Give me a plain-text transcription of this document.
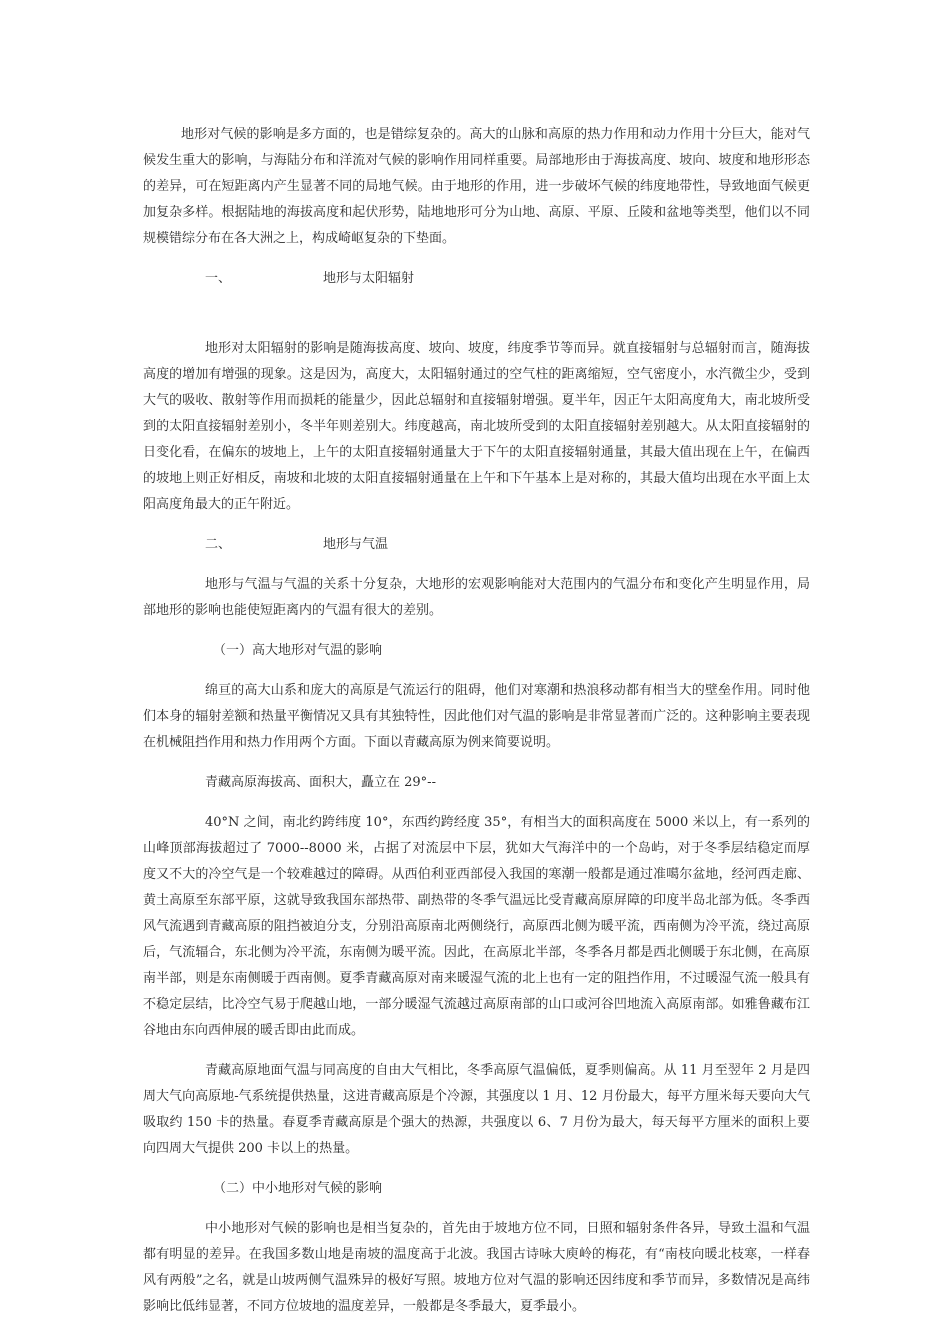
地形对气候的影响是多方面的，也是错综复杂的。高大的山脉和高原的热力作用和动力作用十分巨大，能对气候发生重大的影响，与海陆分布和洋流对气候的影响作用同样重要。局部地形由于海拔高度、坡向、坡度和地形形态的差异，可在短距离内产生显著不同的局地气候。由于地形的作用，进一步破坏气候的纬度地带性，导致地面气候更加复杂多样。根据陆地的海拔高度和起伏形势，陆地地形可分为山地、高原、平原、丘陵和盆地等类型，他们以不同规模错综分布在各大洲之上，构成崎岖复杂的下垫面。

一、	地形与太阳辐射

地形对太阳辐射的影响是随海拔高度、坡向、坡度，纬度季节等而异。就直接辐射与总辐射而言，随海拔高度的增加有增强的现象。这是因为，高度大，太阳辐射通过的空气柱的距离缩短，空气密度小，水汽微尘少，受到大气的吸收、散射等作用而损耗的能量少，因此总辐射和直接辐射增强。夏半年，因正午太阳高度角大，南北坡所受到的太阳直接辐射差别小，冬半年则差别大。纬度越高，南北坡所受到的太阳直接辐射差别越大。从太阳直接辐射的日变化看，在偏东的坡地上，上午的太阳直接辐射通量大于下午的太阳直接辐射通量，其最大值出现在上午，在偏西的坡地上则正好相反，南坡和北坡的太阳直接辐射通量在上午和下午基本上是对称的，其最大值均出现在水平面上太阳高度角最大的正午附近。

二、	地形与气温

地形与气温与气温的关系十分复杂，大地形的宏观影响能对大范围内的气温分布和变化产生明显作用，局部地形的影响也能使短距离内的气温有很大的差别。

（一）高大地形对气温的影响

绵亘的高大山系和庞大的高原是气流运行的阻碍，他们对寒潮和热浪移动都有相当大的壁垒作用。同时他们本身的辐射差额和热量平衡情况又具有其独特性，因此他们对气温的影响是非常显著而广泛的。这种影响主要表现在机械阻挡作用和热力作用两个方面。下面以青藏高原为例来简要说明。

青藏高原海拔高、面积大，矗立在 29°--

40°N 之间，南北约跨纬度 10°，东西约跨经度 35°，有相当大的面积高度在 5000 米以上，有一系列的山峰顶部海拔超过了 7000--8000 米，占据了对流层中下层，犹如大气海洋中的一个岛屿，对于冬季层结稳定而厚度又不大的冷空气是一个较难越过的障碍。从西伯利亚西部侵入我国的寒潮一般都是通过准噶尔盆地，经河西走廊、黄土高原至东部平原，这就导致我国东部热带、副热带的冬季气温远比受青藏高原屏障的印度半岛北部为低。冬季西风气流遇到青藏高原的阻挡被迫分支，分别沿高原南北两侧绕行，高原西北侧为暖平流，西南侧为冷平流，绕过高原后，气流辐合，东北侧为冷平流，东南侧为暖平流。因此，在高原北半部，冬季各月都是西北侧暖于东北侧，在高原南半部，则是东南侧暖于西南侧。夏季青藏高原对南来暖湿气流的北上也有一定的阻挡作用，不过暖湿气流一般具有不稳定层结，比冷空气易于爬越山地，一部分暖湿气流越过高原南部的山口或河谷凹地流入高原南部。如雅鲁藏布江谷地由东向西伸展的暖舌即由此而成。

青藏高原地面气温与同高度的自由大气相比，冬季高原气温偏低，夏季则偏高。从 11 月至翌年 2 月是四周大气向高原地-气系统提供热量，这进青藏高原是个冷源，其强度以 1 月、12 月份最大，每平方厘米每天要向大气吸取约 150 卡的热量。春夏季青藏高原是个强大的热源，共强度以 6、7 月份为最大，每天每平方厘米的面积上要向四周大气提供 200 卡以上的热量。

（二）中小地形对气候的影响

中小地形对气候的影响也是相当复杂的，首先由于坡地方位不同，日照和辐射条件各异，导致土温和气温都有明显的差异。在我国多数山地是南坡的温度高于北波。我国古诗咏大庾岭的梅花，有“南枝向暖北枝寒，一样春风有两般”之名，就是山坡两侧气温殊异的极好写照。坡地方位对气温的影响还因纬度和季节而异，多数情况是高纬影响比低纬显著，不同方位坡地的温度差异，一般都是冬季最大，夏季最小。
